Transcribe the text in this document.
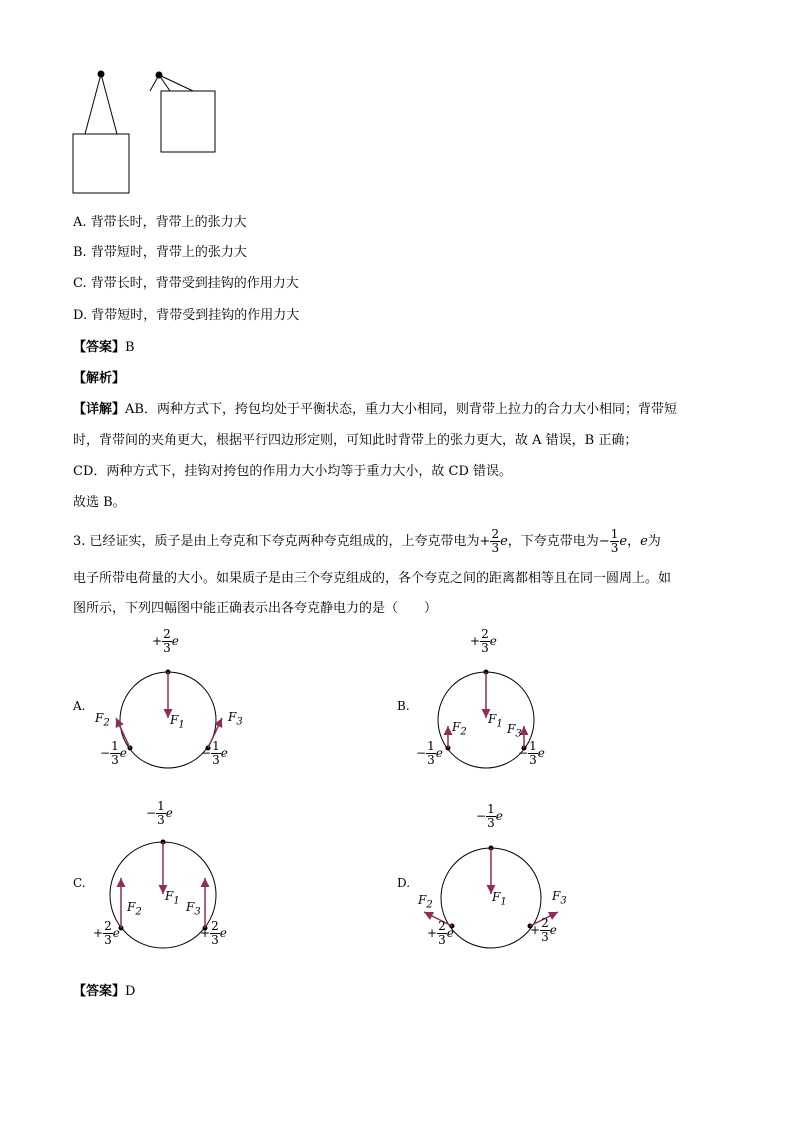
A. 背带长时，背带上的张力大
B. 背带短时，背带上的张力大
C. 背带长时，背带受到挂钩的作用力大
D. 背带短时，背带受到挂钩的作用力大
【答案】B
【解析】
【详解】AB．两种方式下，挎包均处于平衡状态，重力大小相同，则背带上拉力的合力大小相同；背带短
时，背带间的夹角更大，根据平行四边形定则，可知此时背带上的张力更大，故 A 错误，B 正确；
CD．两种方式下，挂钩对挎包的作用力大小均等于重力大小，故 CD 错误。
故选 B。
3. 已经证实，质子是由上夸克和下夸克两种夸克组成的，上夸克带电为+ $\frac{2}{3}$ e，下夸克带电为− $\frac{1}{3}$ e，e为
电子所带电荷量的大小。如果质子是由三个夸克组成的，各个夸克之间的距离都相等且在同一圆周上。如
图所示，下列四幅图中能正确表示出各夸克静电力的是（　　）
A.
+ $\frac{2}{3}$ e
$F_1$
$F_2$	$F_3$
− $\frac{1}{3}$ e	− $\frac{1}{3}$ e
B.
+ $\frac{2}{3}$ e
$F_1$
$F_2$	$F_3$
− $\frac{1}{3}$ e	− $\frac{1}{3}$ e
C.
− $\frac{1}{3}$ e
$F_1$
$F_2$	$F_3$
+ $\frac{2}{3}$ e	+ $\frac{2}{3}$ e
D.
− $\frac{1}{3}$ e
$F_1$
$F_2$
$F_3$
+ $\frac{2}{3}$ e	+ $\frac{2}{3}$ e
【答案】D
